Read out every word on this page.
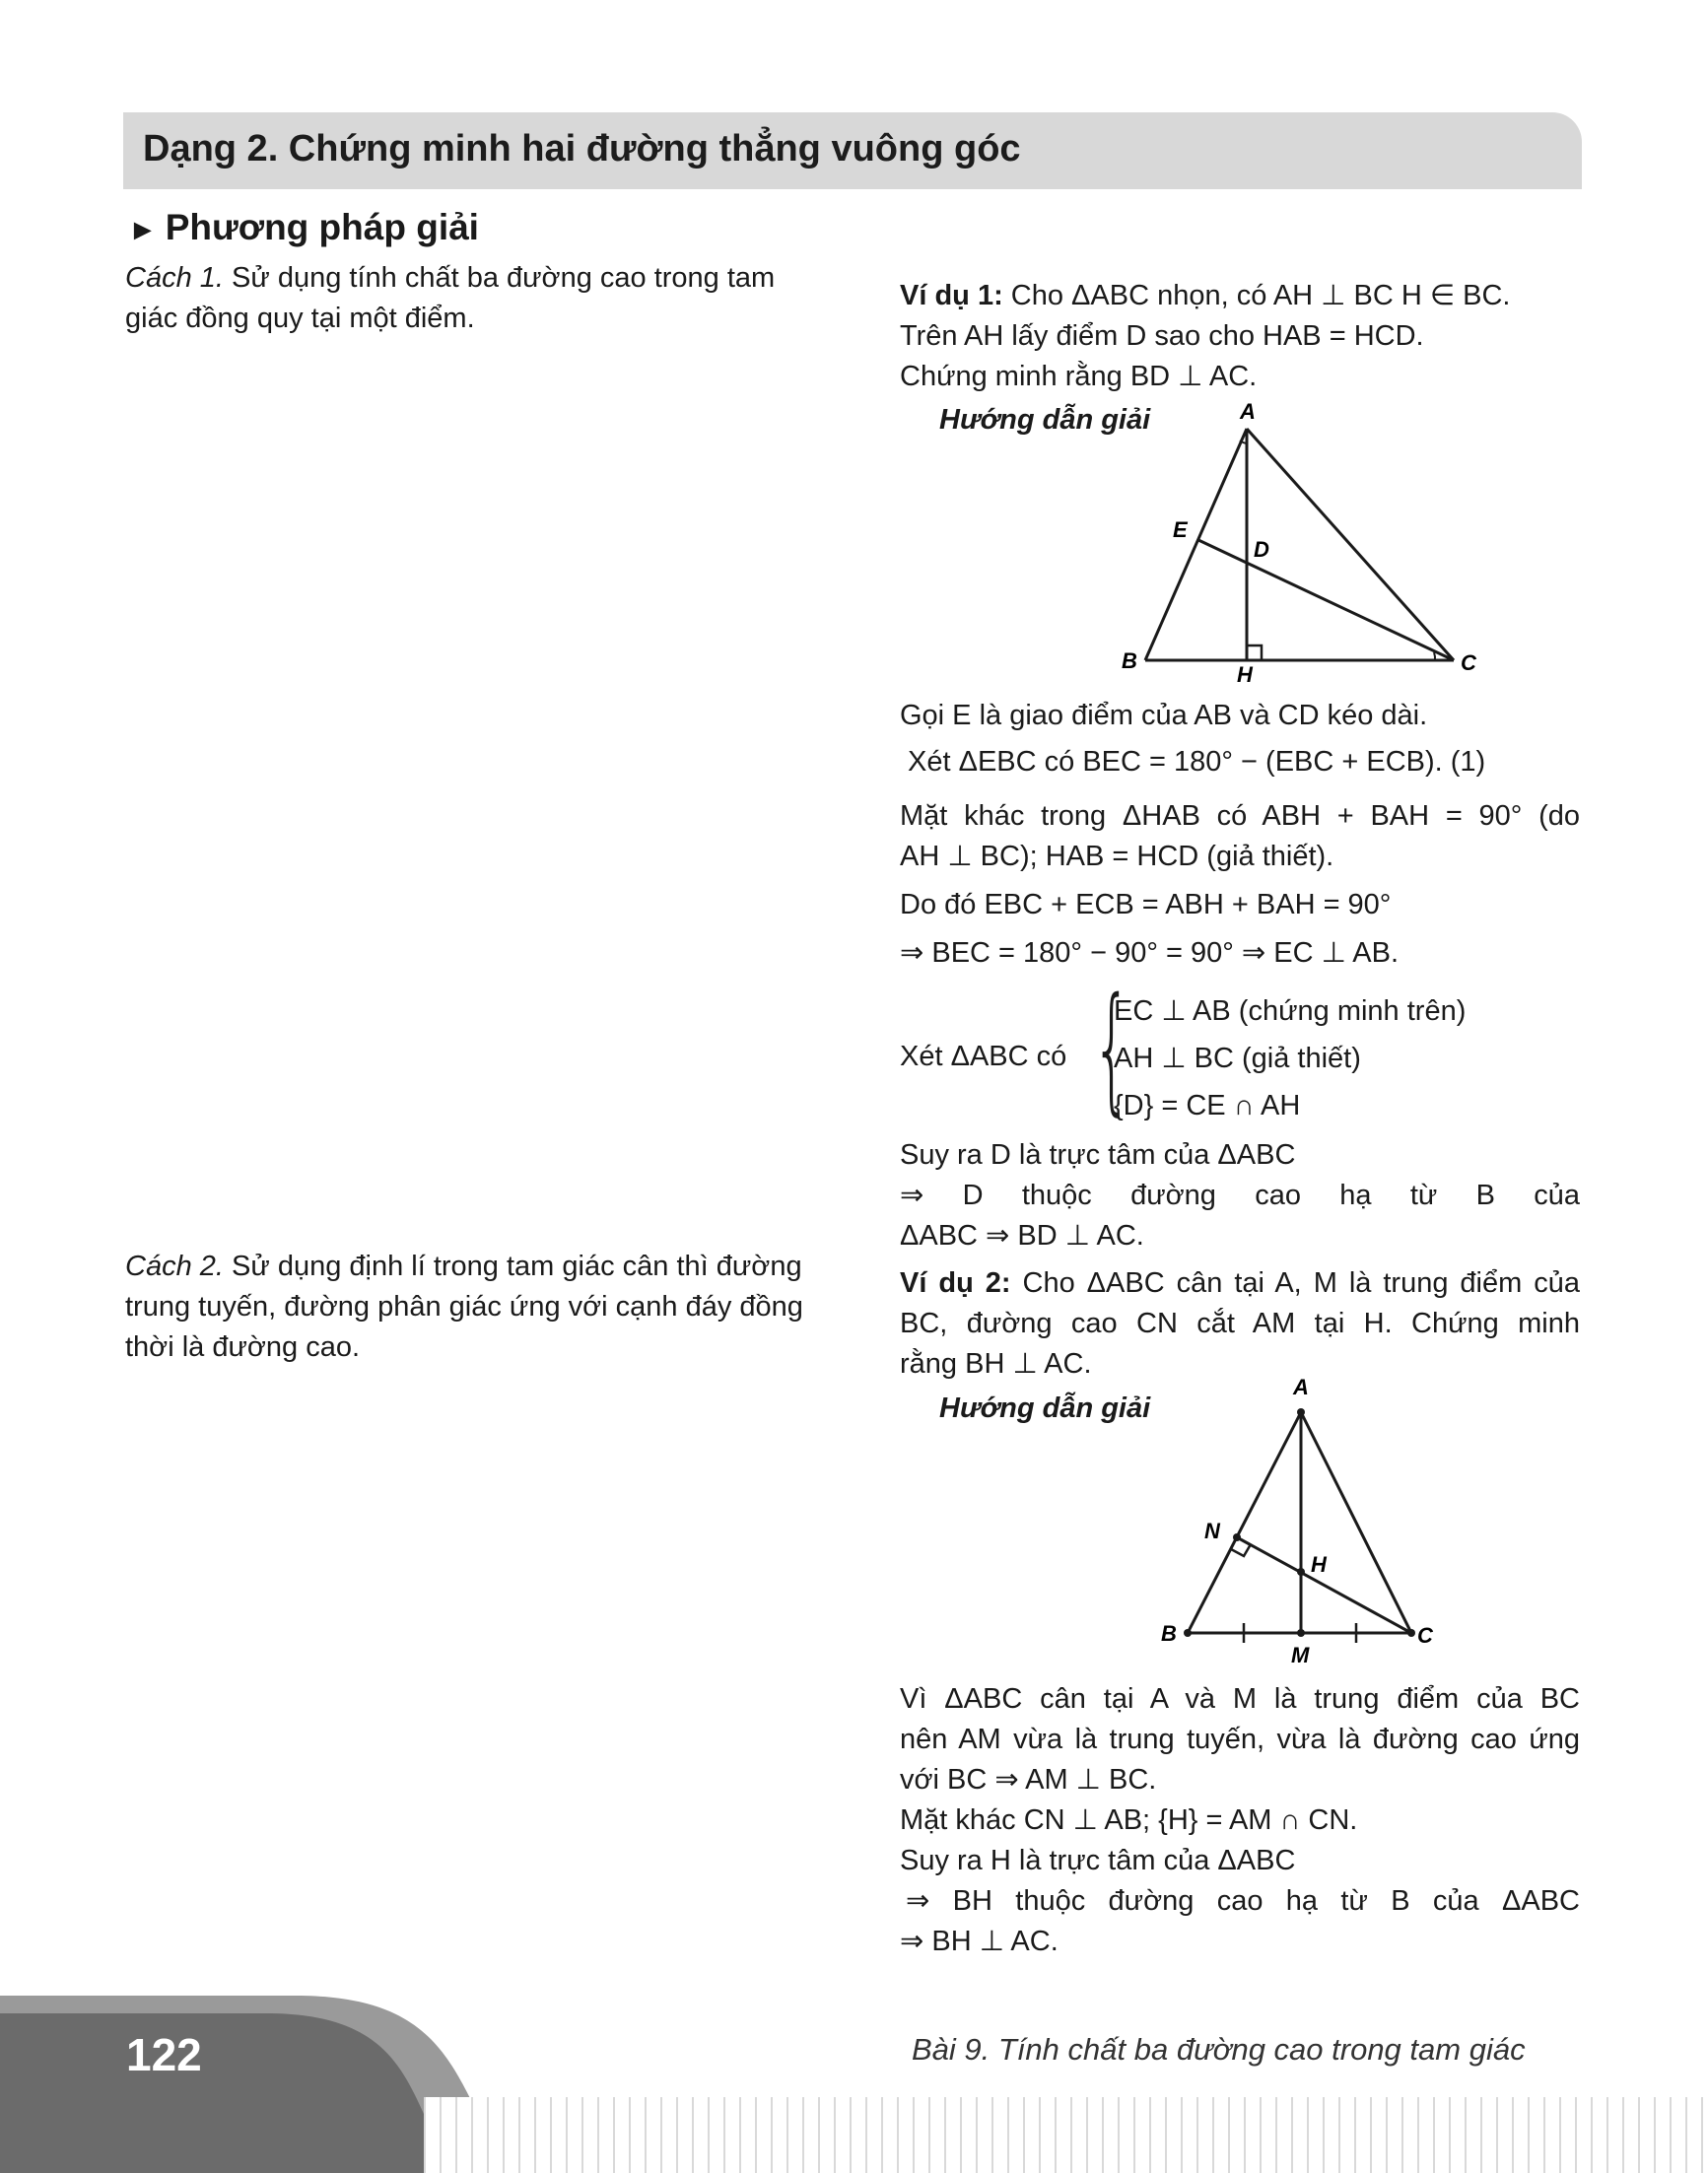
Dạng 2. Chứng minh hai đường thẳng vuông góc
► Phương pháp giải
Cách 1. Sử dụng tính chất ba đường cao trong tam giác đồng quy tại một điểm.
Cách 2. Sử dụng định lí trong tam giác cân thì đường trung tuyến, đường phân giác ứng với cạnh đáy đồng thời là đường cao.
Ví dụ 1: Cho ΔABC nhọn, có AH ⊥ BC H ∈ BC.
Trên AH lấy điểm D sao cho HAB = HCD.
Chứng minh rằng BD ⊥ AC.
Hướng dẫn giải	A
B	C
D
E
H
Gọi E là giao điểm của AB và CD kéo dài.
Xét ΔEBC có BEC = 180° − (EBC + ECB). (1)
Mặt khác trong ΔHAB có ABH + BAH = 90° (do
AH ⊥ BC); HAB = HCD (giả thiết).
Do đó EBC + ECB = ABH + BAH = 90°
⇒ BEC = 180° − 90° = 90° ⇒ EC ⊥ AB.
Xét ΔABC có {
EC ⊥ AB (chứng minh trên)
AH ⊥ BC (giả thiết)
{D} = CE ∩ AH
Suy ra D là trực tâm của ΔABC
⇒ D thuộc đường cao hạ từ B của
ΔABC ⇒ BD ⊥ AC.
Ví dụ 2: Cho ΔABC cân tại A, M là trung điểm của
BC, đường cao CN cắt AM tại H. Chứng minh
rằng BH ⊥ AC.
Hướng dẫn giải
A
B	C
H
M
N
Vì ΔABC cân tại A và M là trung điểm của BC
nên AM vừa là trung tuyến, vừa là đường cao ứng
với BC ⇒ AM ⊥ BC.
Mặt khác CN ⊥ AB; {H} = AM ∩ CN.
Suy ra H là trực tâm của ΔABC
⇒ BH thuộc đường cao hạ từ B của ΔABC
⇒ BH ⊥ AC.
122	Bài 9. Tính chất ba đường cao trong tam giác
